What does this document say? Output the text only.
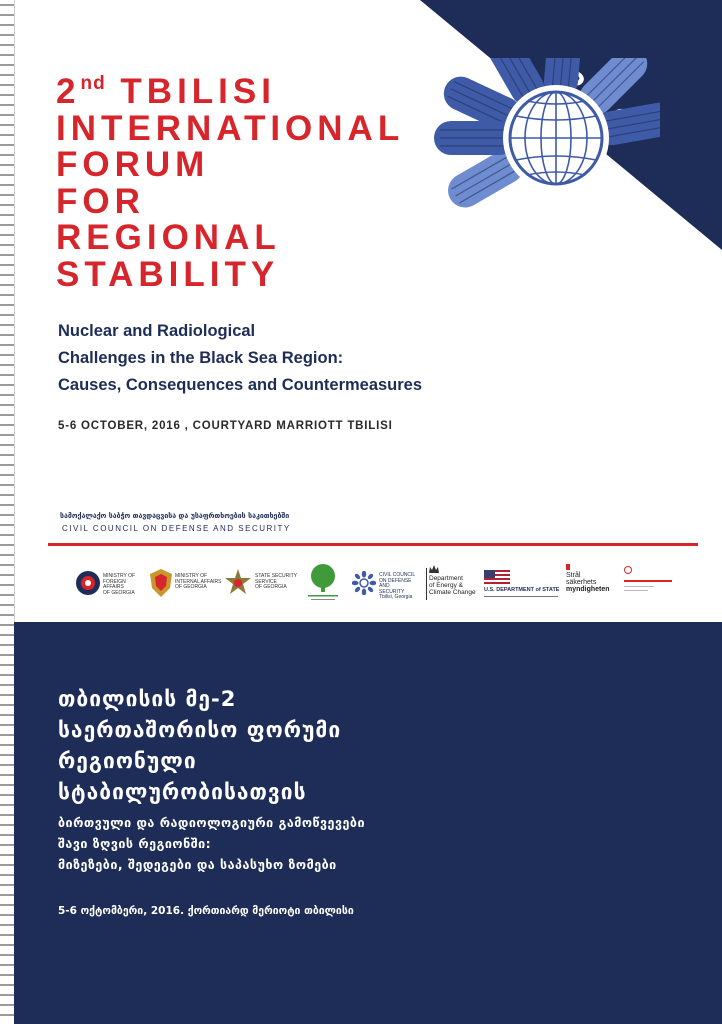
2nd TBILISI
INTERNATIONAL
FORUM
FOR
REGIONAL
STABILITY
Nuclear and Radiological
Challenges in the Black Sea Region:
Causes, Consequences and Countermeasures
5-6 OCTOBER, 2016 , COURTYARD MARRIOTT TBILISI
სამოქალაქო საბჭო თავდაცვისა და უსაფრთხოების საკითხებში
CIVIL COUNCIL ON DEFENSE AND SECURITY
MINISTRY OF
FOREIGN AFFAIRS
OF GEORGIA
MINISTRY OF
INTERNAL AFFAIRS
OF GEORGIA
STATE SECURITY
SERVICE
OF GEORGIA
CIVIL COUNCIL
ON DEFENSE AND
SECURITY
Tbilisi, Georgia
Department
of Energy &
Climate Change U.S. DEPARTMENT of STATE
Strål
säkerhets
myndigheten
თბილისის მე-2
საერთაშორისო ფორუმი
რეგიონული
სტაბილურობისათვის
ბირთვული და რადიოლოგიური გამოწვევები
შავი ზღვის რეგიონში:
მიზეზები, შედეგები და საპასუხო ზომები
5-6 ოქტომბერი, 2016. ქორთიარდ მერიოტი თბილისი
